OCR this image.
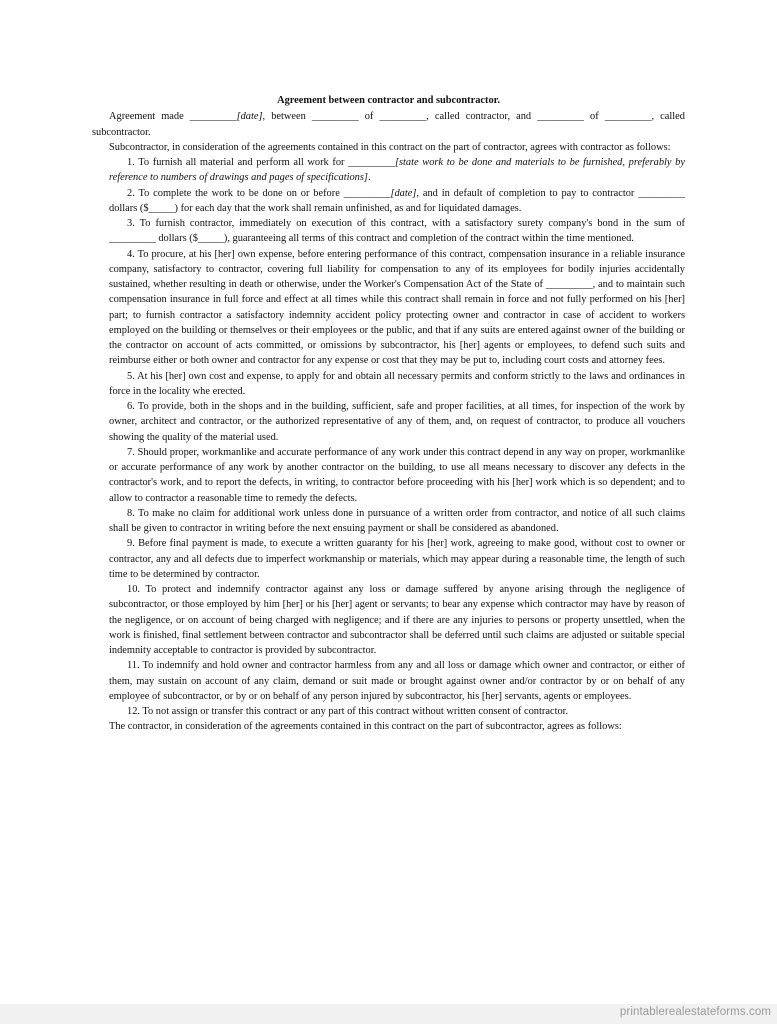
Agreement between contractor and subcontractor.

Agreement made _________[date], between _________ of _________, called contractor, and _________ of _________, called subcontractor.

Subcontractor, in consideration of the agreements contained in this contract on the part of contractor, agrees with contractor as follows:

1. To furnish all material and perform all work for _________[state work to be done and materials to be furnished, preferably by reference to numbers of drawings and pages of specifications].

2. To complete the work to be done on or before _________[date], and in default of completion to pay to contractor _________ dollars ($_____) for each day that the work shall remain unfinished, as and for liquidated damages.

3. To furnish contractor, immediately on execution of this contract, with a satisfactory surety company's bond in the sum of _________ dollars ($_____), guaranteeing all terms of this contract and completion of the contract within the time mentioned.

4. To procure, at his [her] own expense, before entering performance of this contract, compensation insurance in a reliable insurance company, satisfactory to contractor, covering full liability for compensation to any of its employees for bodily injuries accidentally sustained, whether resulting in death or otherwise, under the Worker's Compensation Act of the State of _________, and to maintain such compensation insurance in full force and effect at all times while this contract shall remain in force and not fully performed on his [her] part; to furnish contractor a satisfactory indemnity accident policy protecting owner and contractor in case of accident to workers employed on the building or themselves or their employees or the public, and that if any suits are entered against owner of the building or the contractor on account of acts committed, or omissions by subcontractor, his [her] agents or employees, to defend such suits and reimburse either or both owner and contractor for any expense or cost that they may be put to, including court costs and attorney fees.

5. At his [her] own cost and expense, to apply for and obtain all necessary permits and conform strictly to the laws and ordinances in force in the locality whe erected.

6. To provide, both in the shops and in the building, sufficient, safe and proper facilities, at all times, for inspection of the work by owner, architect and contractor, or the authorized representative of any of them, and, on request of contractor, to produce all vouchers showing the quality of the material used.

7. Should proper, workmanlike and accurate performance of any work under this contract depend in any way on proper, workmanlike or accurate performance of any work by another contractor on the building, to use all means necessary to discover any defects in the contractor's work, and to report the defects, in writing, to contractor before proceeding with his [her] work which is so dependent; and to allow to contractor a reasonable time to remedy the defects.

8. To make no claim for additional work unless done in pursuance of a written order from contractor, and notice of all such claims shall be given to contractor in writing before the next ensuing payment or shall be considered as abandoned.

9. Before final payment is made, to execute a written guaranty for his [her] work, agreeing to make good, without cost to owner or contractor, any and all defects due to imperfect workmanship or materials, which may appear during a reasonable time, the length of such time to be determined by contractor.

10. To protect and indemnify contractor against any loss or damage suffered by anyone arising through the negligence of subcontractor, or those employed by him [her] or his [her] agent or servants; to bear any expense which contractor may have by reason of the negligence, or on account of being charged with negligence; and if there are any injuries to persons or property unsettled, when the work is finished, final settlement between contractor and subcontractor shall be deferred until such claims are adjusted or suitable special indemnity acceptable to contractor is provided by subcontractor.

11. To indemnify and hold owner and contractor harmless from any and all loss or damage which owner and contractor, or either of them, may sustain on account of any claim, demand or suit made or brought against owner and/or contractor by or on behalf of any employee of subcontractor, or by or on behalf of any person injured by subcontractor, his [her] servants, agents or employees.

12. To not assign or transfer this contract or any part of this contract without written consent of contractor.

The contractor, in consideration of the agreements contained in this contract on the part of subcontractor, agrees as follows:

printablerealestateforms.com
